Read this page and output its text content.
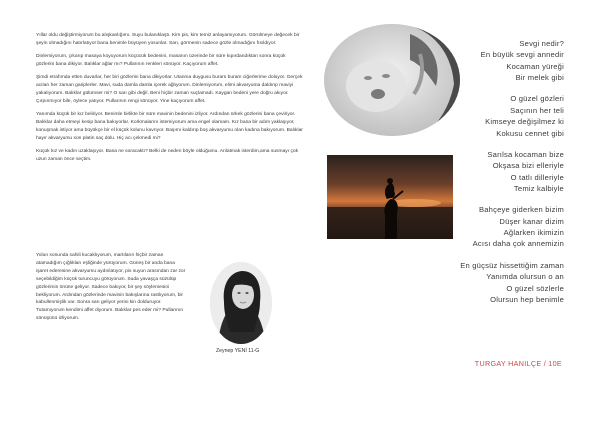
Yıllar oldu değiştirmiyorum bu alışkanlığımı. Suyu bulanıklaştı. Kim pis, kim temiz anlayamıyorum. Görülmeye değecek bir şeyin olmadığını hatırlatıyor bana benimle büyüyen yosunlar. Sarı, görmenin sadece gözle olmadığını fısıldıyor.

Dinlemiyorum, çıkarıp masaya koyuyorum küçücük bedenini, masanın üzerinde bir süre kıpırdandıktan sonra küçük gözlerini bana dikiyor. Balıklar ağlar mı? Pullarının renkleri sönüyor. Kaçıyorum affet.

Şimdi etrafımda etten duvarlar, her biri gözlerini bana dikiyorlar. Utanma duygusu buram buram ciğerlerime doluyor. Gerçek acıları her zaman gariplerler. Mavi, suda damla damla içerek ağlıyorum. Dinlemiyorum, elimi akvaryuma daldırıp maviyi yakalıyorum. Balıklar gülümser mi? O sarı gibi değil. Beni hiçbir zaman suçlamadı. Kaygan bedeni yere doğru akıyor. Çırpınmıyor bile, öylece yatıyor. Pullarının rengi sönüyor. Yine kaçıyorum affet.

Yanımda küçük bir kız beliriyor. Benimle birlikte bir süre mavinin bedenini izliyor. Ardından ürkek gözlerini bana çeviriyor. Balıklar daha etmeyi kesip bana bakıyorlar. Korkmalarını istemiyorum ama engel olamam. Kız bana bir adım yaklaşıyor, konuşmak istiyor ama büyükçe bir el küçük kolunu kavrıyor. Başımı kaldırıp boş akvaryumu olan kadına bakıyorum. Balıklar hayır akvaryumu son platin saç dolu. Hiç acı çekmedi mi?

Küçük kız ve kadın uzaklaşıyor. Bana ne soracaktı? Belki de neden böyle olduğumu. Anlatmak isterdim,ama susmayı çok uzun zaman önce seçtim.

Yolun sonunda sahili kucaklıyorum, martıların hiçbir zaman atamadığım çığlıkları eşliğinde yürüyorum. Güneş bir anda bana işaret ederesine akvaryumu aydınlatıyor, pis suyun arasından zar zor seçebildiğim küçük turuncuyu görüyorum. Suda yavaşça süzülüp gözlerimin önüne geliyor. Sadece bakıyor, bir şey söylemesini bekliyorum. Ardından gözlerinde mavinin bakışlarına rastlıyorum, bir kabullenmişlik var. Sonra sarı geliyor yerini kin dolduruyor. Tutamıyorum kendimi affet diyorum. Balıklar pes eder mi? Pullarının sönüşünü izliyorum.

Zeynep YENİ 11-G
Sevgi nedir?
En büyük sevgi annedir
Kocaman yüreği
Bir melek gibi
O güzel gözleri
Saçının her teli
Kimseye değişilmez ki
Kokusu cennet gibi
Sarılsa kocaman bize
Okşasa bizi elleriyle
O tatlı dilleriyle
Temiz kalbiyle
Bahçeye giderken bizim
Düşer kanar dizim
Ağlarken ikimizin
Acısı daha çok annemizin
En güçsüz hissettiğim zaman
Yanımda olursun o an
O güzel sözlerle
Olursun hep benimle
TURGAY HANILÇE / 10E
